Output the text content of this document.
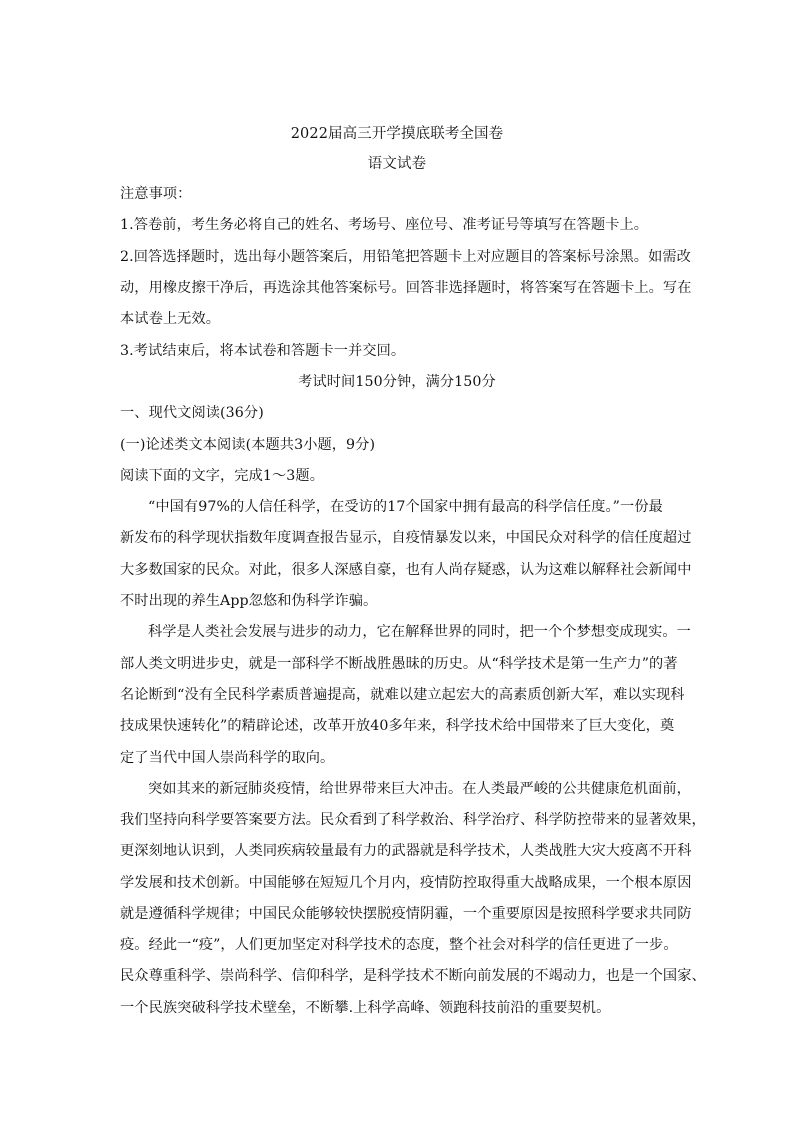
2022届高三开学摸底联考全国卷
语文试卷
注意事项：
1.答卷前，考生务必将自己的姓名、考场号、座位号、准考证号等填写在答题卡上。
2.回答选择题时，选出每小题答案后，用铅笔把答题卡上对应题目的答案标号涂黑。如需改
动，用橡皮擦干净后，再选涂其他答案标号。回答非选择题时，将答案写在答题卡上。写在
本试卷上无效。
3.考试结束后，将本试卷和答题卡一并交回。
考试时间150分钟，满分150分
一、现代文阅读(36分)
(一)论述类文本阅读(本题共3小题，9分)
阅读下面的文字，完成1～3题。
“中国有97%的人信任科学，在受访的17个国家中拥有最高的科学信任度。”一份最
新发布的科学现状指数年度调查报告显示，自疫情暴发以来，中国民众对科学的信任度超过
大多数国家的民众。对此，很多人深感自豪，也有人尚存疑惑，认为这难以解释社会新闻中
不时出现的养生App忽悠和伪科学诈骗。
科学是人类社会发展与进步的动力，它在解释世界的同时，把一个个梦想变成现实。一
部人类文明进步史，就是一部科学不断战胜愚昧的历史。从“科学技术是第一生产力”的著
名论断到“没有全民科学素质普遍提高，就难以建立起宏大的高素质创新大军，难以实现科
技成果快速转化”的精辟论述，改革开放40多年来，科学技术给中国带来了巨大变化，奠
定了当代中国人崇尚科学的取向。
突如其来的新冠肺炎疫情，给世界带来巨大冲击。在人类最严峻的公共健康危机面前，
我们坚持向科学要答案要方法。民众看到了科学救治、科学治疗、科学防控带来的显著效果，
更深刻地认识到，人类同疾病较量最有力的武器就是科学技术，人类战胜大灾大疫离不开科
学发展和技术创新。中国能够在短短几个月内，疫情防控取得重大战略成果，一个根本原因
就是遵循科学规律；中国民众能够较快摆脱疫情阴霾，一个重要原因是按照科学要求共同防
疫。经此一“疫”，人们更加坚定对科学技术的态度，整个社会对科学的信任更进了一步。
民众尊重科学、崇尚科学、信仰科学，是科学技术不断向前发展的不竭动力，也是一个国家、
一个民族突破科学技术壁垒，不断攀.上科学高峰、领跑科技前沿的重要契机。
